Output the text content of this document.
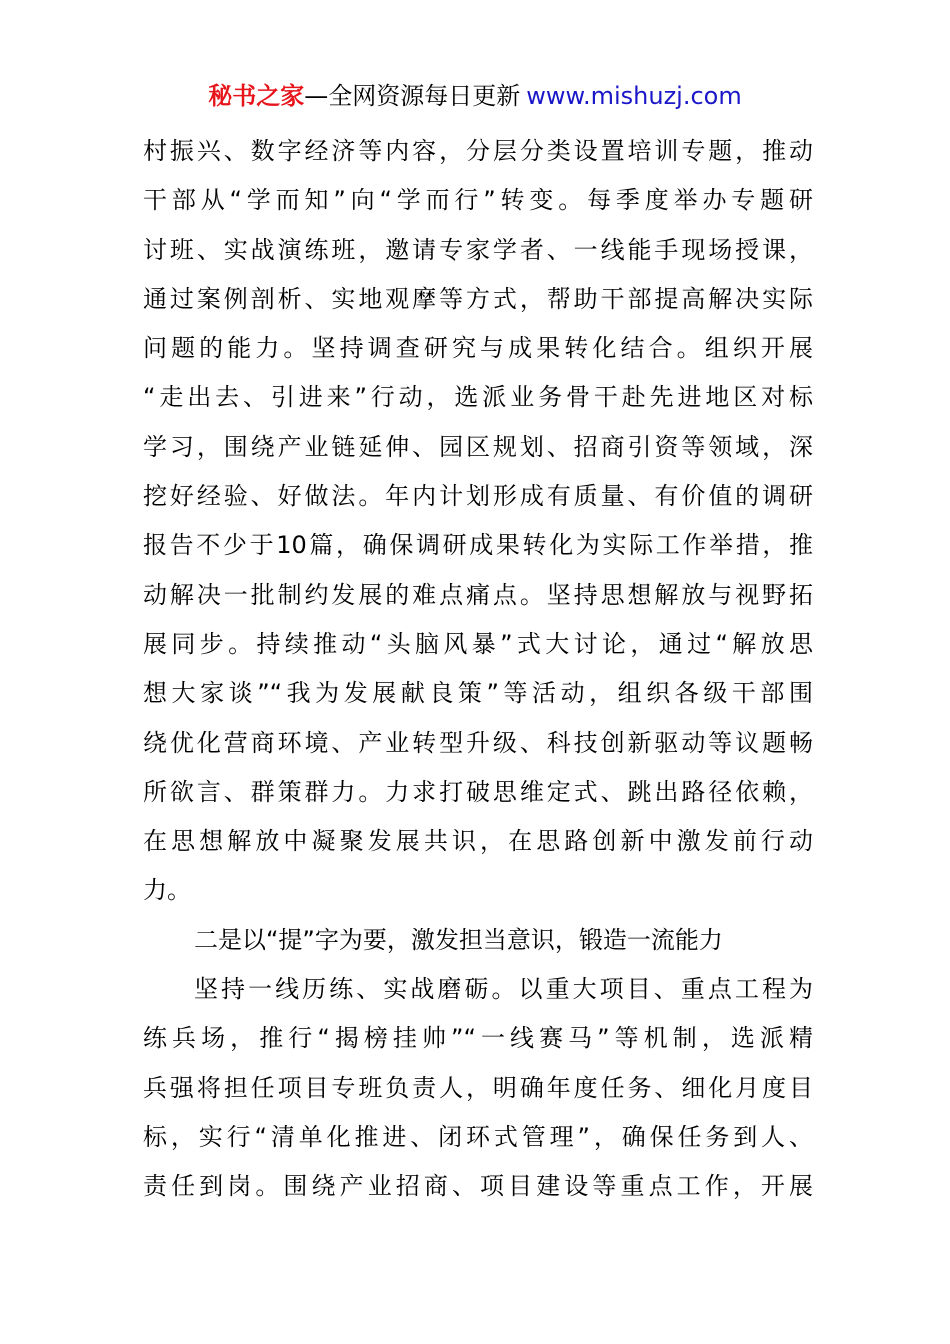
秘书之家—全网资源每日更新 www.mishuzj.com
村振兴、数字经济等内容，分层分类设置培训专题，推动
干部从“学而知”向“学而行”转变。每季度举办专题研
讨班、实战演练班，邀请专家学者、一线能手现场授课，
通过案例剖析、实地观摩等方式，帮助干部提高解决实际
问题的能力。坚持调查研究与成果转化结合。组织开展
“走出去、引进来”行动，选派业务骨干赴先进地区对标
学习，围绕产业链延伸、园区规划、招商引资等领域，深
挖好经验、好做法。年内计划形成有质量、有价值的调研
报告不少于10篇，确保调研成果转化为实际工作举措，推
动解决一批制约发展的难点痛点。坚持思想解放与视野拓
展同步。持续推动“头脑风暴”式大讨论，通过“解放思
想大家谈”“我为发展献良策”等活动，组织各级干部围
绕优化营商环境、产业转型升级、科技创新驱动等议题畅
所欲言、群策群力。力求打破思维定式、跳出路径依赖，
在思想解放中凝聚发展共识，在思路创新中激发前行动
力。
二是以“提”字为要，激发担当意识，锻造一流能力
坚持一线历练、实战磨砺。以重大项目、重点工程为
练兵场，推行“揭榜挂帅”“一线赛马”等机制，选派精
兵强将担任项目专班负责人，明确年度任务、细化月度目
标，实行“清单化推进、闭环式管理”，确保任务到人、
责任到岗。围绕产业招商、项目建设等重点工作，开展
